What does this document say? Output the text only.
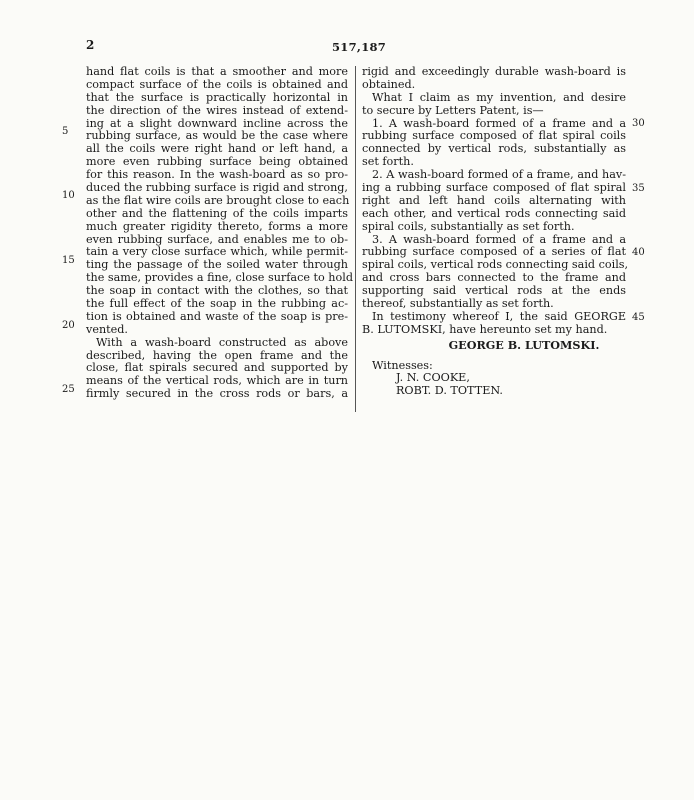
2	517,187
5
10
15
20
25
30
35
40
45
hand flat coils is that a smoother and more
compact surface of the coils is obtained and
that the surface is practically horizontal in
the direction of the wires instead of extend-
ing at a slight downward incline across the
rubbing surface, as would be the case where
all the coils were right hand or left hand, a
more even rubbing surface being obtained
for this reason. In the wash-board as so pro-
duced the rubbing surface is rigid and strong,
as the flat wire coils are brought close to each
other and the flattening of the coils imparts
much greater rigidity thereto, forms a more
even rubbing surface, and enables me to ob-
tain a very close surface which, while permit-
ting the passage of the soiled water through
the same, provides a fine, close surface to hold
the soap in contact with the clothes, so that
the full effect of the soap in the rubbing ac-
tion is obtained and waste of the soap is pre-
vented.
With a wash-board constructed as above
described, having the open frame and the
close, flat spirals secured and supported by
means of the vertical rods, which are in turn
firmly secured in the cross rods or bars, a
rigid and exceedingly durable wash-board is
obtained.
What I claim as my invention, and desire
to secure by Letters Patent, is—
1. A wash-board formed of a frame and a
rubbing surface composed of flat spiral coils
connected by vertical rods, substantially as
set forth.
2. A wash-board formed of a frame, and hav-
ing a rubbing surface composed of flat spiral
right and left hand coils alternating with
each other, and vertical rods connecting said
spiral coils, substantially as set forth.
3. A wash-board formed of a frame and a
rubbing surface composed of a series of flat
spiral coils, vertical rods connecting said coils,
and cross bars connected to the frame and
supporting said vertical rods at the ends
thereof, substantially as set forth.
In testimony whereof I, the said GEORGE
B. LUTOMSKI, have hereunto set my hand.
GEORGE B. LUTOMSKI.
Witnesses:
J. N. COOKE,
ROBT. D. TOTTEN.
